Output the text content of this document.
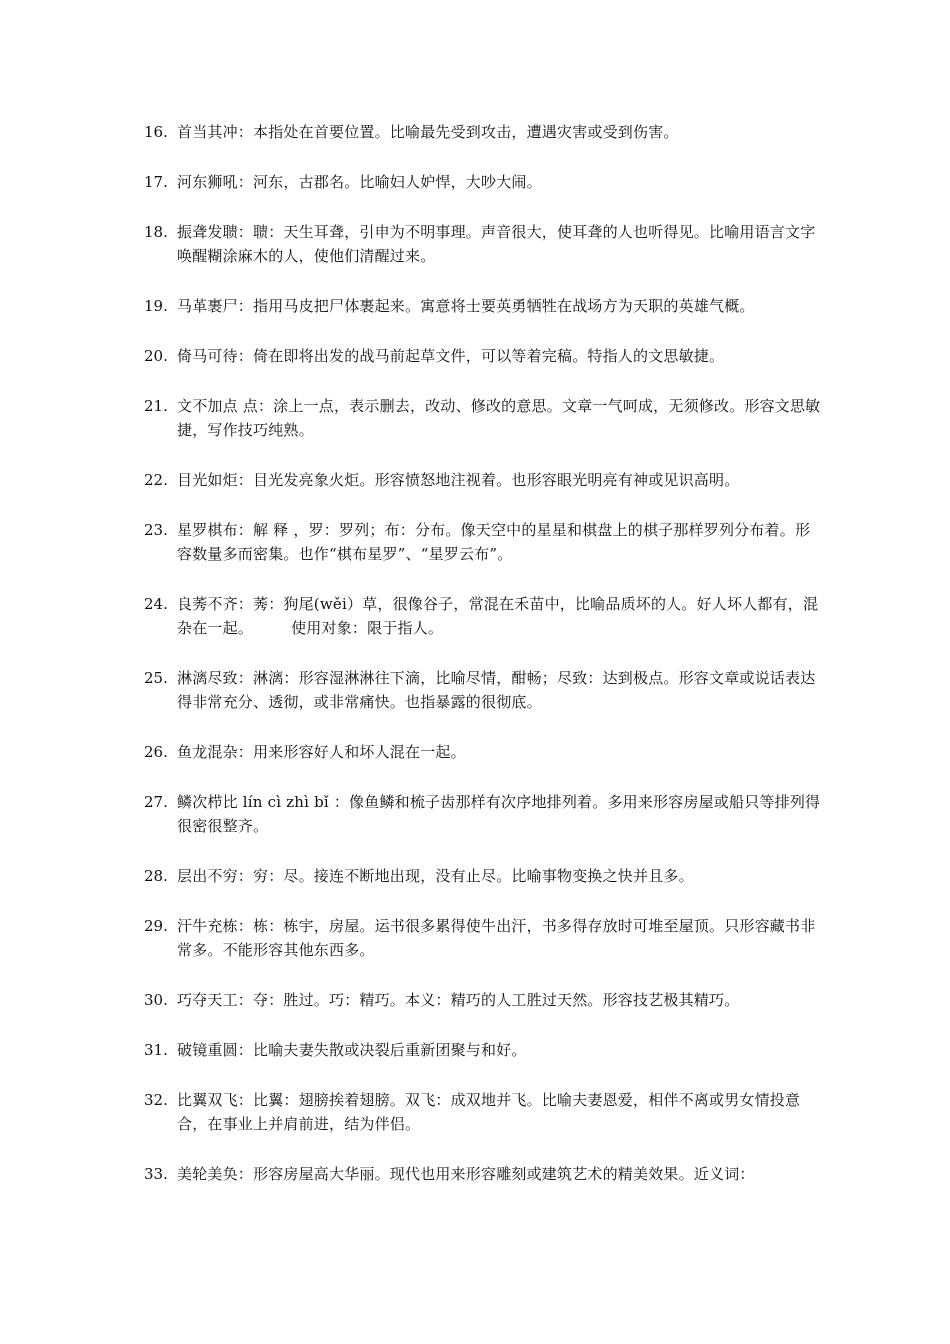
16. 首当其冲：本指处在首要位置。比喻最先受到攻击，遭遇灾害或受到伤害。
17. 河东狮吼：河东，古郡名。比喻妇人妒悍，大吵大闹。
18. 振聋发聩：聩：天生耳聋，引申为不明事理。声音很大，使耳聋的人也听得见。比喻用语言文字唤醒糊涂麻木的人，使他们清醒过来。
19. 马革裹尸：指用马皮把尸体裹起来。寓意将士要英勇牺牲在战场方为天职的英雄气概。
20. 倚马可待：倚在即将出发的战马前起草文件，可以等着完稿。特指人的文思敏捷。
21. 文不加点 点：涂上一点，表示删去，改动、修改的意思。文章一气呵成，无须修改。形容文思敏捷，写作技巧纯熟。
22. 目光如炬：目光发亮象火炬。形容愤怒地注视着。也形容眼光明亮有神或见识高明。
23. 星罗棋布：解 释 ，罗：罗列；布：分布。像天空中的星星和棋盘上的棋子那样罗列分布着。形容数量多而密集。也作“棋布星罗”、“星罗云布”。
24. 良莠不齐：莠：狗尾(wěi）草，很像谷子，常混在禾苗中，比喻品质坏的人。好人坏人都有，混杂在一起。　　　使用对象：限于指人。
25. 淋漓尽致：淋漓：形容湿淋淋往下滴，比喻尽情，酣畅；尽致：达到极点。形容文章或说话表达得非常充分、透彻，或非常痛快。也指暴露的很彻底。
26. 鱼龙混杂：用来形容好人和坏人混在一起。
27. 鳞次栉比 lín cì zhì bǐ ：像鱼鳞和梳子齿那样有次序地排列着。多用来形容房屋或船只等排列得很密很整齐。
28. 层出不穷：穷：尽。接连不断地出现，没有止尽。比喻事物变换之快并且多。
29. 汗牛充栋：栋：栋宇，房屋。运书很多累得使牛出汗，书多得存放时可堆至屋顶。只形容藏书非常多。不能形容其他东西多。
30. 巧夺天工：夺：胜过。巧：精巧。本义：精巧的人工胜过天然。形容技艺极其精巧。
31. 破镜重圆：比喻夫妻失散或决裂后重新团聚与和好。
32. 比翼双飞：比翼：翅膀挨着翅膀。双飞：成双地并飞。比喻夫妻恩爱，相伴不离或男女情投意合，在事业上并肩前进，结为伴侣。
33. 美轮美奂：形容房屋高大华丽。现代也用来形容雕刻或建筑艺术的精美效果。近义词：
